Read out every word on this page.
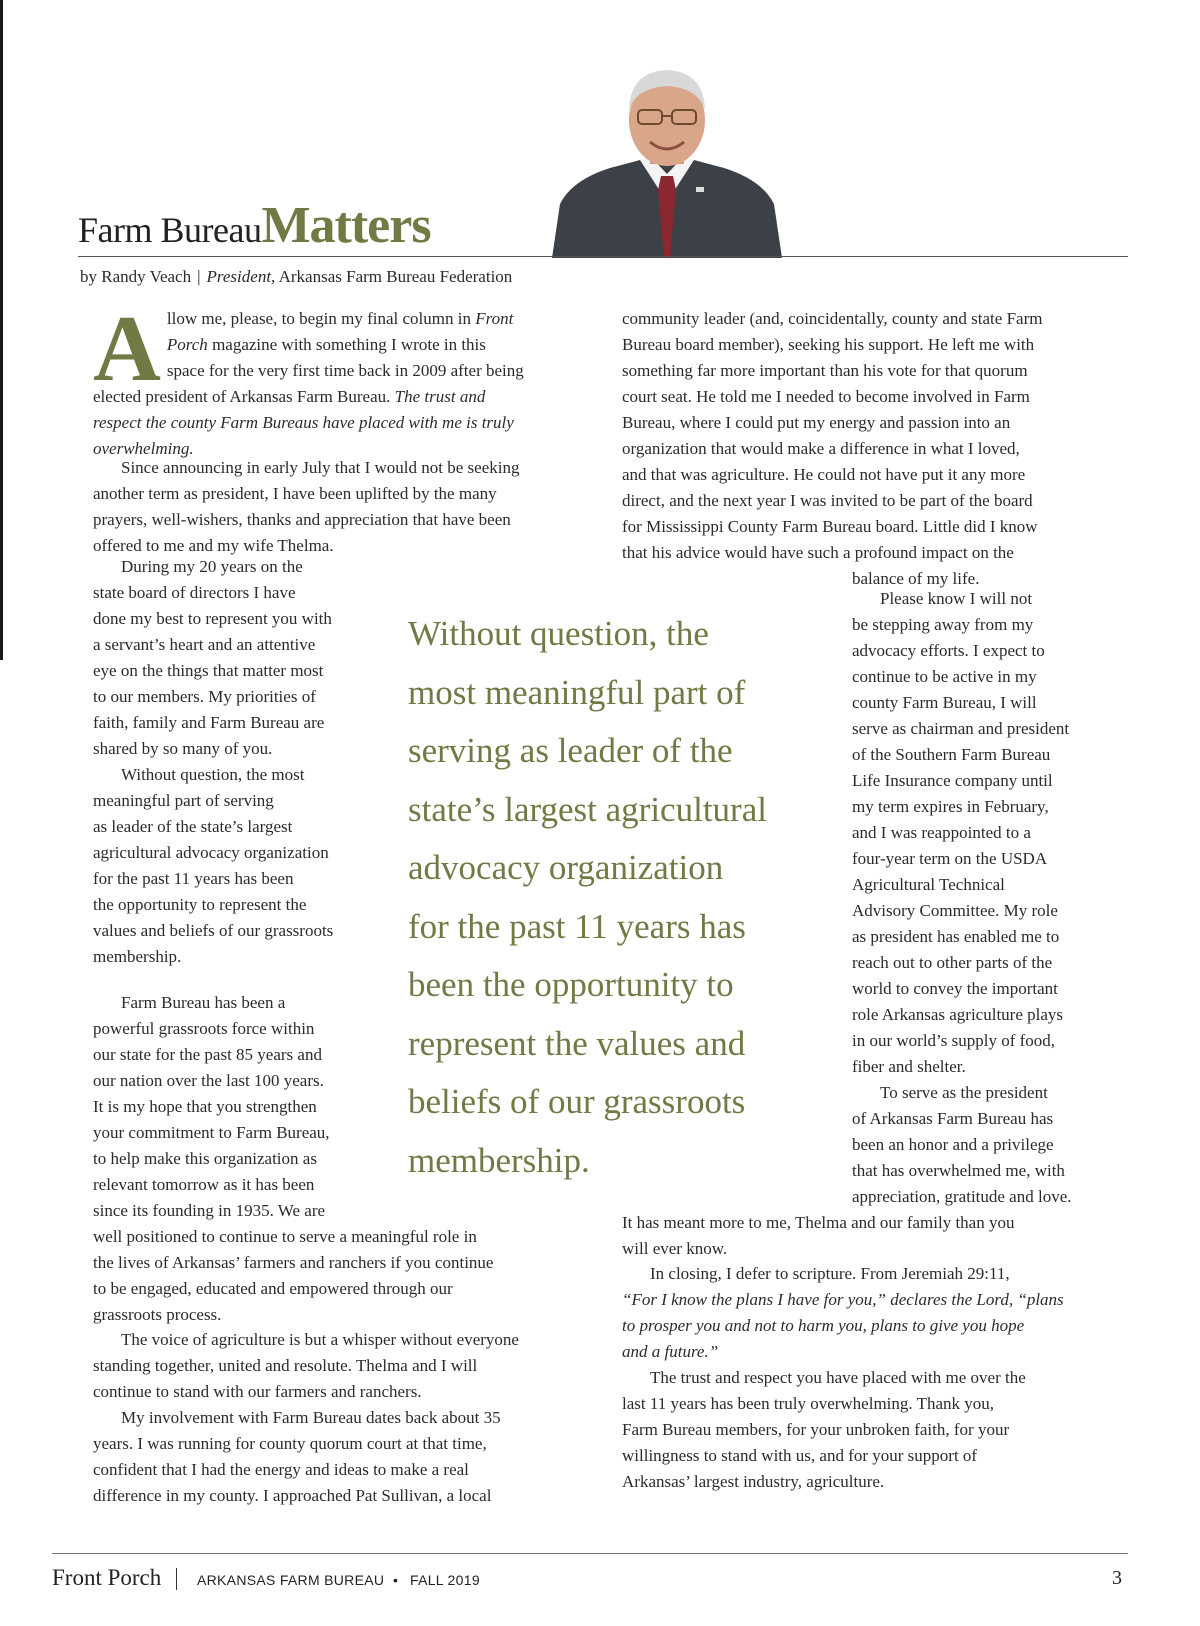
Farm BureauMatters
by Randy Veach | President, Arkansas Farm Bureau Federation
A llow me, please, to begin my final column in Front
Porch magazine with something I wrote in this
space for the very first time back in 2009 after being
elected president of Arkansas Farm Bureau. The trust and
respect the county Farm Bureaus have placed with me is truly
overwhelming.
Since announcing in early July that I would not be seeking
another term as president, I have been uplifted by the many
prayers, well-wishers, thanks and appreciation that have been
offered to me and my wife Thelma.
During my 20 years on the
state board of directors I have
done my best to represent you with
a servant’s heart and an attentive
eye on the things that matter most
to our members. My priorities of
faith, family and Farm Bureau are
shared by so many of you.
Without question, the most
meaningful part of serving
as leader of the state’s largest
agricultural advocacy organization
for the past 11 years has been
the opportunity to represent the
values and beliefs of our grassroots
membership.
Farm Bureau has been a
powerful grassroots force within
our state for the past 85 years and
our nation over the last 100 years.
It is my hope that you strengthen
your commitment to Farm Bureau,
to help make this organization as
relevant tomorrow as it has been
since its founding in 1935. We are
well positioned to continue to serve a meaningful role in
the lives of Arkansas’ farmers and ranchers if you continue
to be engaged, educated and empowered through our
grassroots process.
The voice of agriculture is but a whisper without everyone
standing together, united and resolute. Thelma and I will
continue to stand with our farmers and ranchers.
My involvement with Farm Bureau dates back about 35
years. I was running for county quorum court at that time,
confident that I had the energy and ideas to make a real
difference in my county. I approached Pat Sullivan, a local
community leader (and, coincidentally, county and state Farm
Bureau board member), seeking his support. He left me with
something far more important than his vote for that quorum
court seat. He told me I needed to become involved in Farm
Bureau, where I could put my energy and passion into an
organization that would make a difference in what I loved,
and that was agriculture. He could not have put it any more
direct, and the next year I was invited to be part of the board
for Mississippi County Farm Bureau board. Little did I know
that his advice would have such a profound impact on the
balance of my life.
Please know I will not
be stepping away from my
advocacy efforts. I expect to
continue to be active in my
county Farm Bureau, I will
serve as chairman and president
of the Southern Farm Bureau
Life Insurance company until
my term expires in February,
and I was reappointed to a
four-year term on the USDA
Agricultural Technical
Advisory Committee. My role
as president has enabled me to
reach out to other parts of the
world to convey the important
role Arkansas agriculture plays
in our world’s supply of food,
fiber and shelter.
To serve as the president
of Arkansas Farm Bureau has
been an honor and a privilege
that has overwhelmed me, with
appreciation, gratitude and love.
It has meant more to me, Thelma and our family than you
will ever know.
In closing, I defer to scripture. From Jeremiah 29:11,
“For I know the plans I have for you,” declares the Lord, “plans
to prosper you and not to harm you, plans to give you hope
and a future.”
The trust and respect you have placed with me over the
last 11 years has been truly overwhelming. Thank you,
Farm Bureau members, for your unbroken faith, for your
willingness to stand with us, and for your support of
Arkansas’ largest industry, agriculture.
Without question, the
most meaningful part of
serving as leader of the
state’s largest agricultural
advocacy organization
for the past 11 years has
been the opportunity to
represent the values and
beliefs of our grassroots
membership.
Front Porch	ARKANSAS FARM BUREAU • FALL 2019	3
